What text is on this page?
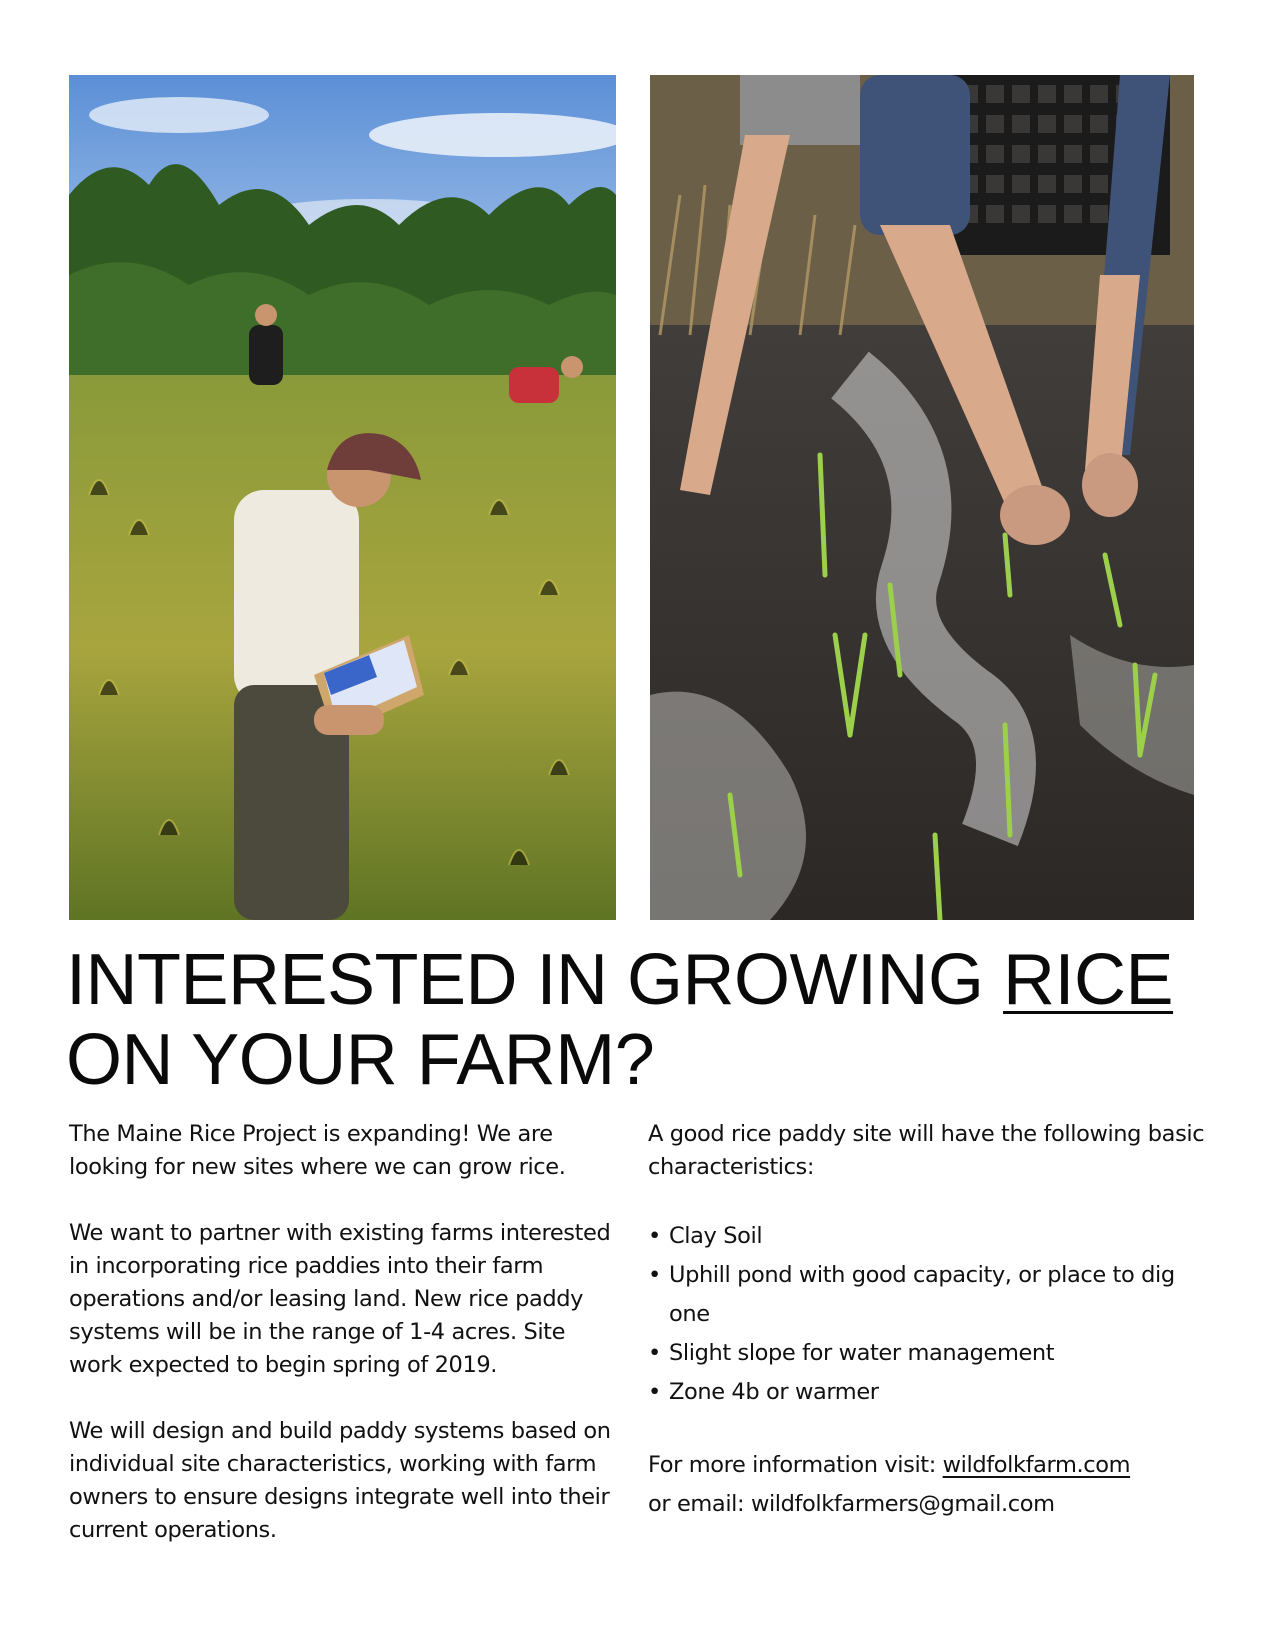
INTERESTED IN GROWING RICE
ON YOUR FARM?

The Maine Rice Project is expanding! We are looking for new sites where we can grow rice.

We want to partner with existing farms interested in incorporating rice paddies into their farm operations and/or leasing land. New rice paddy systems will be in the range of 1-4 acres. Site work expected to begin spring of 2019.

We will design and build paddy systems based on individual site characteristics, working with farm owners to ensure designs integrate well into their current operations.

A good rice paddy site will have the following basic characteristics:

• Clay Soil
• Uphill pond with good capacity, or place to dig one
• Slight slope for water management
• Zone 4b or warmer
For more information visit: wildfolkfarm.com
or email: wildfolkfarmers@gmail.com
